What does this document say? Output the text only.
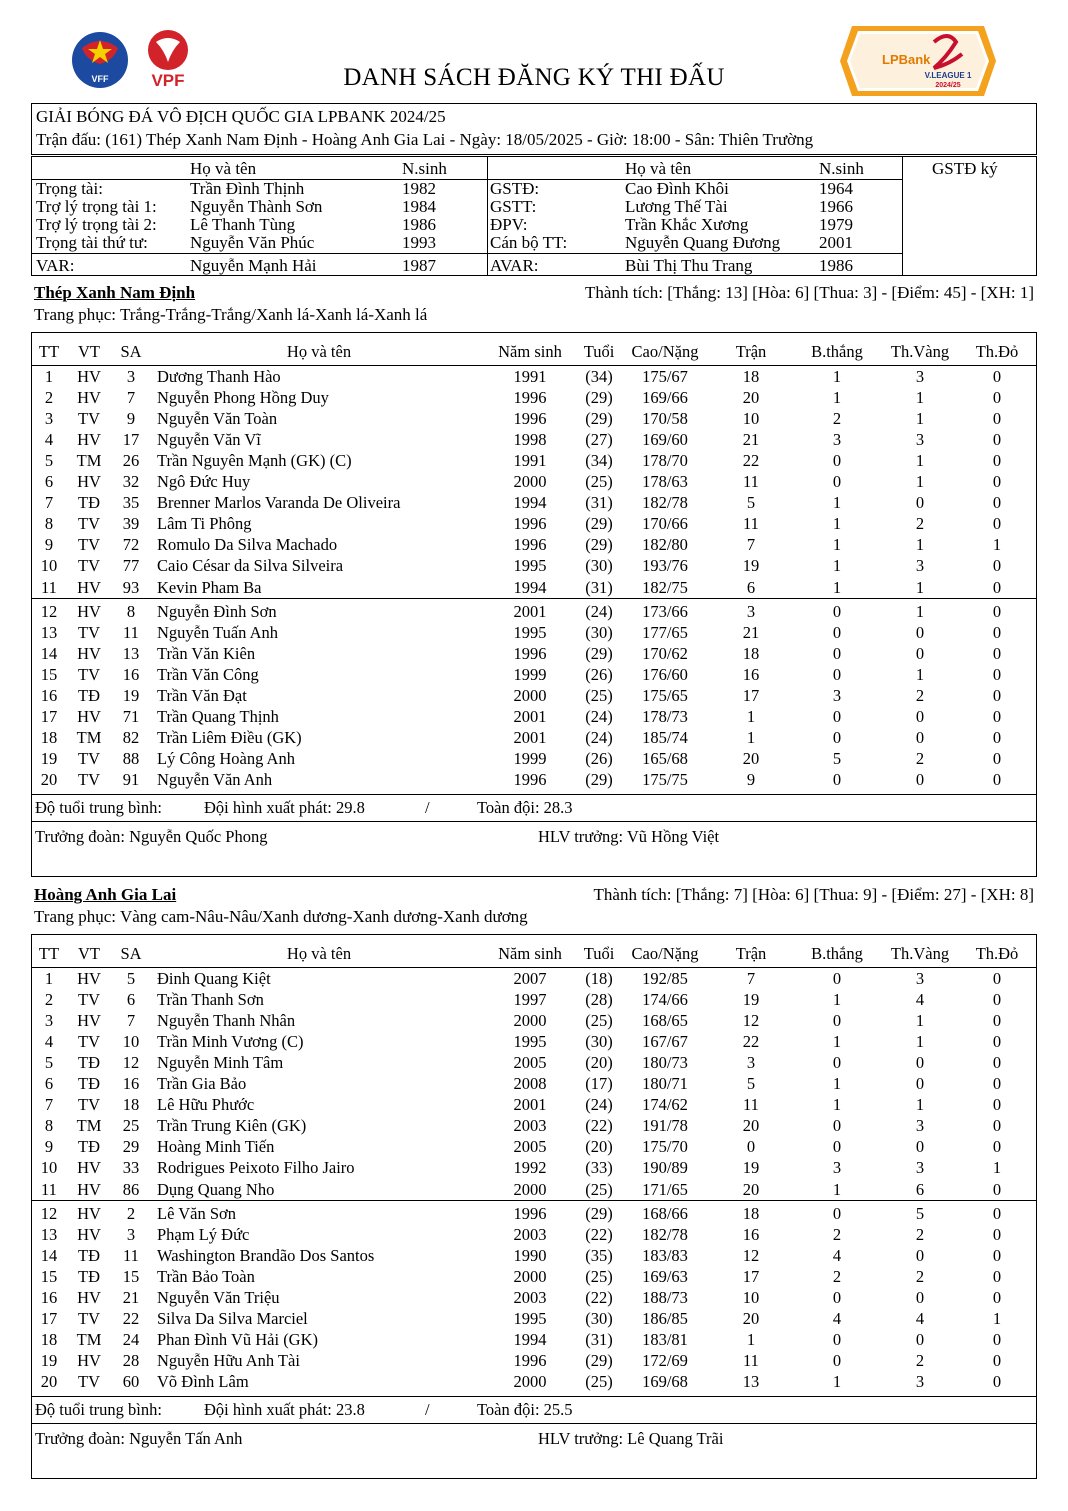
VFF	VPF
LPBank
V.LEAGUE 1
2024/25
DANH SÁCH ĐĂNG KÝ THI ĐẤU
GIẢI BÓNG ĐÁ VÔ ĐỊCH QUỐC GIA LPBANK 2024/25
Trận đấu: (161) Thép Xanh Nam Định - Hoàng Anh Gia Lai - Ngày: 18/05/2025 - Giờ: 18:00 - Sân: Thiên Trường
Họ và tên	N.sinh	Họ và tên	N.sinh	GSTĐ ký
Trọng tài:	Trần Đình Thịnh	1982	GSTĐ:	Cao Đình Khôi	1964
Trợ lý trọng tài 1: Nguyễn Thành Sơn	1984	GSTT:	Lương Thế Tài	1966
Trợ lý trọng tài 2: Lê Thanh Tùng	1986	ĐPV:	Trần Khắc Xương	1979
Trọng tài thứ tư: Nguyễn Văn Phúc	1993	Cán bộ TT:	Nguyễn Quang Đương 2001
VAR:	Nguyễn Mạnh Hải	1987	AVAR:	Bùi Thị Thu Trang	1986
Thép Xanh Nam Định	Thành tích: [Thắng: 13] [Hòa: 6] [Thua: 3] - [Điểm: 45] - [XH: 1]
Trang phục: Trắng-Trắng-Trắng/Xanh lá-Xanh lá-Xanh lá
TT	VT	SA	Họ và tên	Năm sinh	Tuổi	Cao/Nặng	Trận	B.thắng	Th.Vàng	Th.Đỏ
1	HV	3	Dương Thanh Hào	1991	(34)	175/67	18	1	3	0
2	HV	7	Nguyễn Phong Hồng Duy	1996	(29)	169/66	20	1	1	0
3	TV	9	Nguyễn Văn Toàn	1996	(29)	170/58	10	2	1	0
4	HV	17	Nguyễn Văn Vĩ	1998	(27)	169/60	21	3	3	0
5	TM	26	Trần Nguyên Mạnh (GK) (C)	1991	(34)	178/70	22	0	1	0
6	HV	32	Ngô Đức Huy	2000	(25)	178/63	11	0	1	0
7	TĐ	35	Brenner Marlos Varanda De Oliveira	1994	(31)	182/78	5	1	0	0
8	TV	39	Lâm Ti Phông	1996	(29)	170/66	11	1	2	0
9	TV	72	Romulo Da Silva Machado	1996	(29)	182/80	7	1	1	1
10	TV	77	Caio César da Silva Silveira	1995	(30)	193/76	19	1	3	0
11	HV	93	Kevin Pham Ba	1994	(31)	182/75	6	1	1	0
12	HV	8	Nguyễn Đình Sơn	2001	(24)	173/66	3	0	1	0
13	TV	11	Nguyễn Tuấn Anh	1995	(30)	177/65	21	0	0	0
14	HV	13	Trần Văn Kiên	1996	(29)	170/62	18	0	0	0
15	TV	16	Trần Văn Công	1999	(26)	176/60	16	0	1	0
16	TĐ	19	Trần Văn Đạt	2000	(25)	175/65	17	3	2	0
17	HV	71	Trần Quang Thịnh	2001	(24)	178/73	1	0	0	0
18	TM	82	Trần Liêm Điều (GK)	2001	(24)	185/74	1	0	0	0
19	TV	88	Lý Công Hoàng Anh	1999	(26)	165/68	20	5	2	0
20	TV	91	Nguyễn Văn Anh	1996	(29)	175/75	9	0	0	0
Độ tuổi trung bình:	Đội hình xuất phát: 29.8	/	Toàn đội: 28.3
Trưởng đoàn: Nguyễn Quốc Phong	HLV trưởng: Vũ Hồng Việt
Hoàng Anh Gia Lai	Thành tích: [Thắng: 7] [Hòa: 6] [Thua: 9] - [Điểm: 27] - [XH: 8]
Trang phục: Vàng cam-Nâu-Nâu/Xanh dương-Xanh dương-Xanh dương
TT	VT	SA	Họ và tên	Năm sinh	Tuổi	Cao/Nặng	Trận	B.thắng	Th.Vàng	Th.Đỏ
1	HV	5	Đinh Quang Kiệt	2007	(18)	192/85	7	0	3	0
2	TV	6	Trần Thanh Sơn	1997	(28)	174/66	19	1	4	0
3	HV	7	Nguyễn Thanh Nhân	2000	(25)	168/65	12	0	1	0
4	TV	10	Trần Minh Vương (C)	1995	(30)	167/67	22	1	1	0
5	TĐ	12	Nguyễn Minh Tâm	2005	(20)	180/73	3	0	0	0
6	TĐ	16	Trần Gia Bảo	2008	(17)	180/71	5	1	0	0
7	TV	18	Lê Hữu Phước	2001	(24)	174/62	11	1	1	0
8	TM	25	Trần Trung Kiên (GK)	2003	(22)	191/78	20	0	3	0
9	TĐ	29	Hoàng Minh Tiến	2005	(20)	175/70	0	0	0	0
10	HV	33	Rodrigues Peixoto Filho Jairo	1992	(33)	190/89	19	3	3	1
11	HV	86	Dụng Quang Nho	2000	(25)	171/65	20	1	6	0
12	HV	2	Lê Văn Sơn	1996	(29)	168/66	18	0	5	0
13	HV	3	Phạm Lý Đức	2003	(22)	182/78	16	2	2	0
14	TĐ	11	Washington Brandão Dos Santos	1990	(35)	183/83	12	4	0	0
15	TĐ	15	Trần Bảo Toàn	2000	(25)	169/63	17	2	2	0
16	HV	21	Nguyễn Văn Triệu	2003	(22)	188/73	10	0	0	0
17	TV	22	Silva Da Silva Marciel	1995	(30)	186/85	20	4	4	1
18	TM	24	Phan Đình Vũ Hải (GK)	1994	(31)	183/81	1	0	0	0
19	HV	28	Nguyễn Hữu Anh Tài	1996	(29)	172/69	11	0	2	0
20	TV	60	Võ Đình Lâm	2000	(25)	169/68	13	1	3	0
Độ tuổi trung bình:	Đội hình xuất phát: 23.8	/	Toàn đội: 25.5
Trưởng đoàn: Nguyễn Tấn Anh	HLV trưởng: Lê Quang Trãi
